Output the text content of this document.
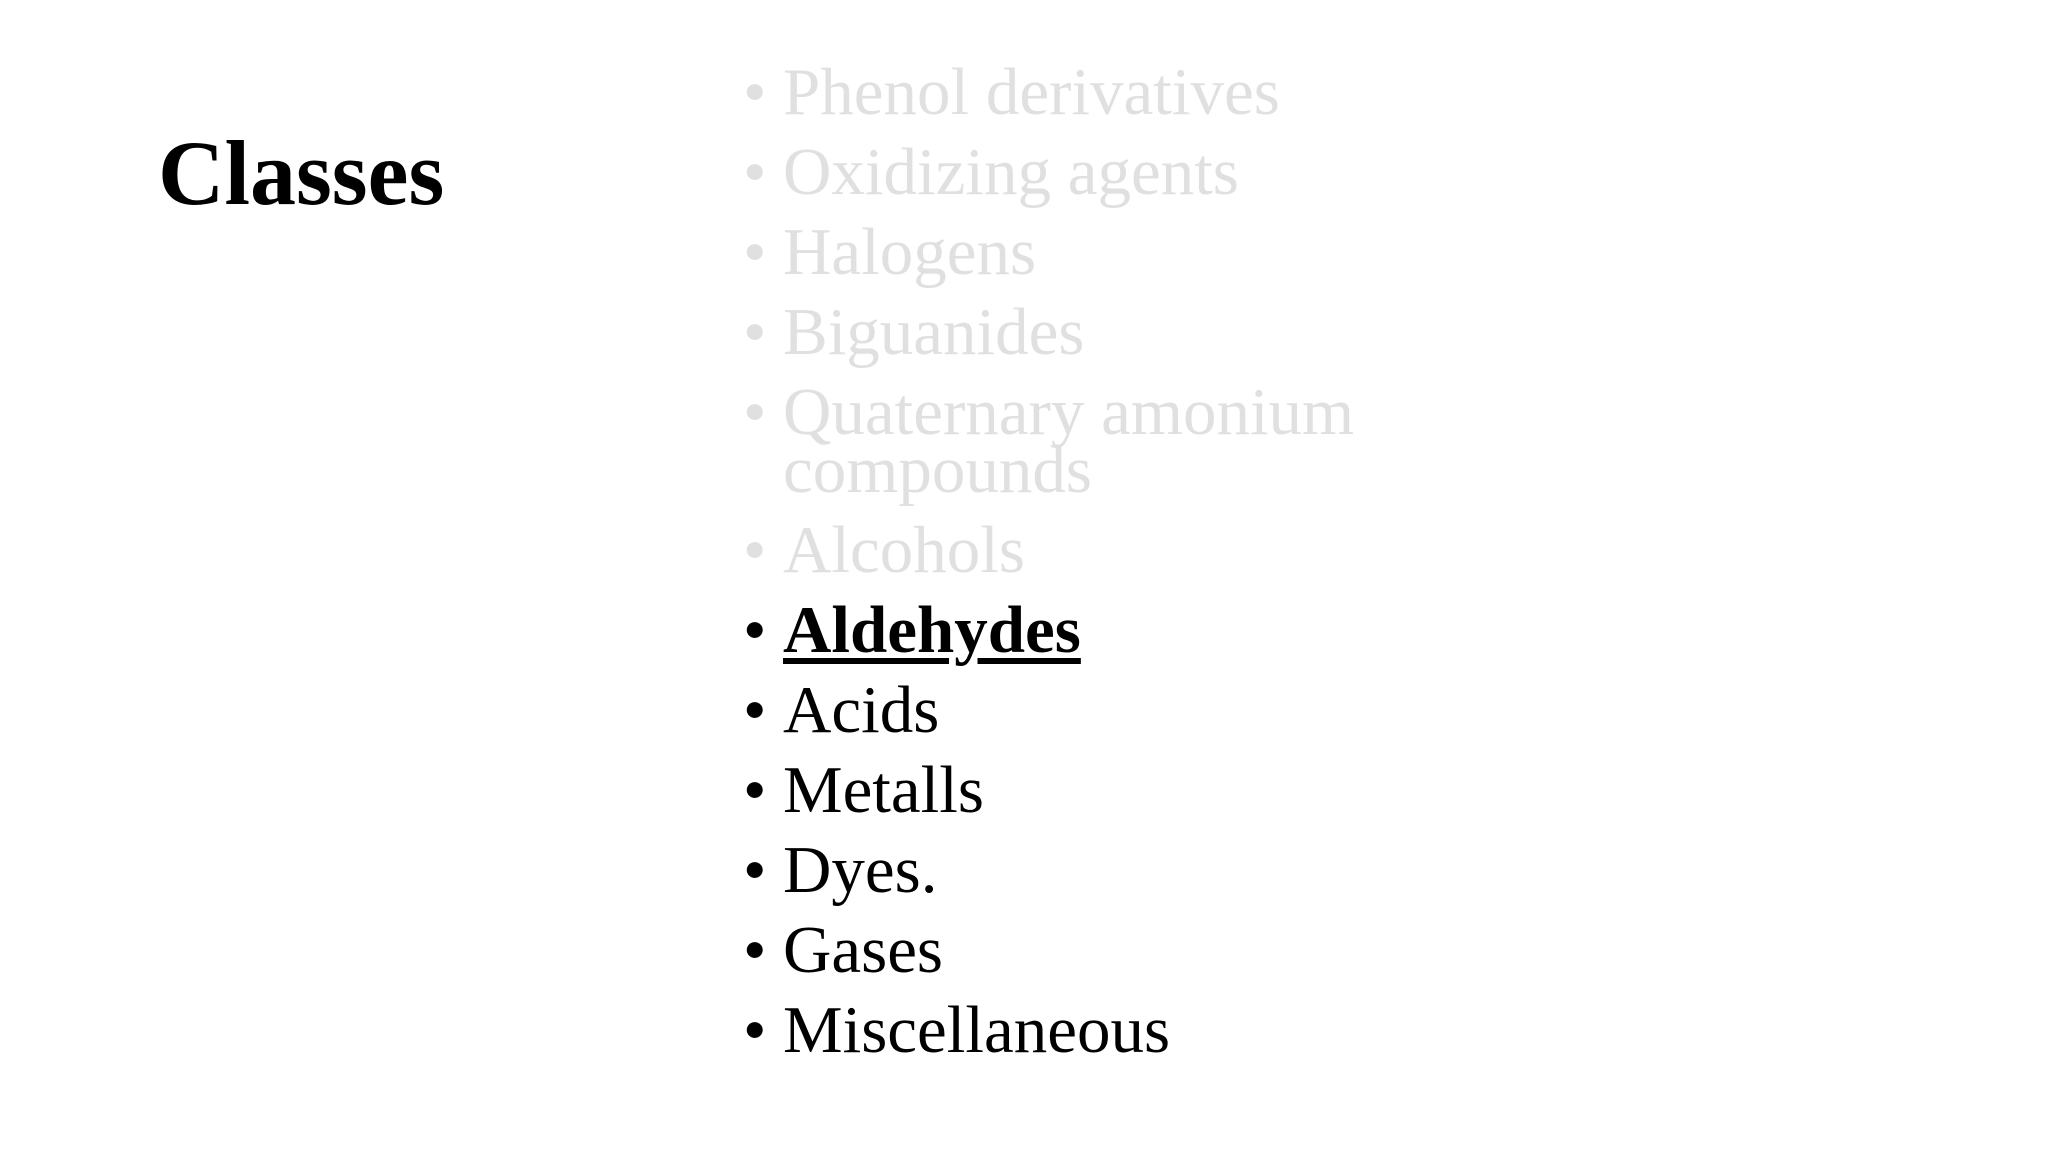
Classes
• Phenol derivatives
• Oxidizing agents
• Halogens
• Biguanides
• Quaternary amonium compounds
• Alcohols
• Aldehydes
• Acids
• Metalls
• Dyes.
• Gases
• Miscellaneous
